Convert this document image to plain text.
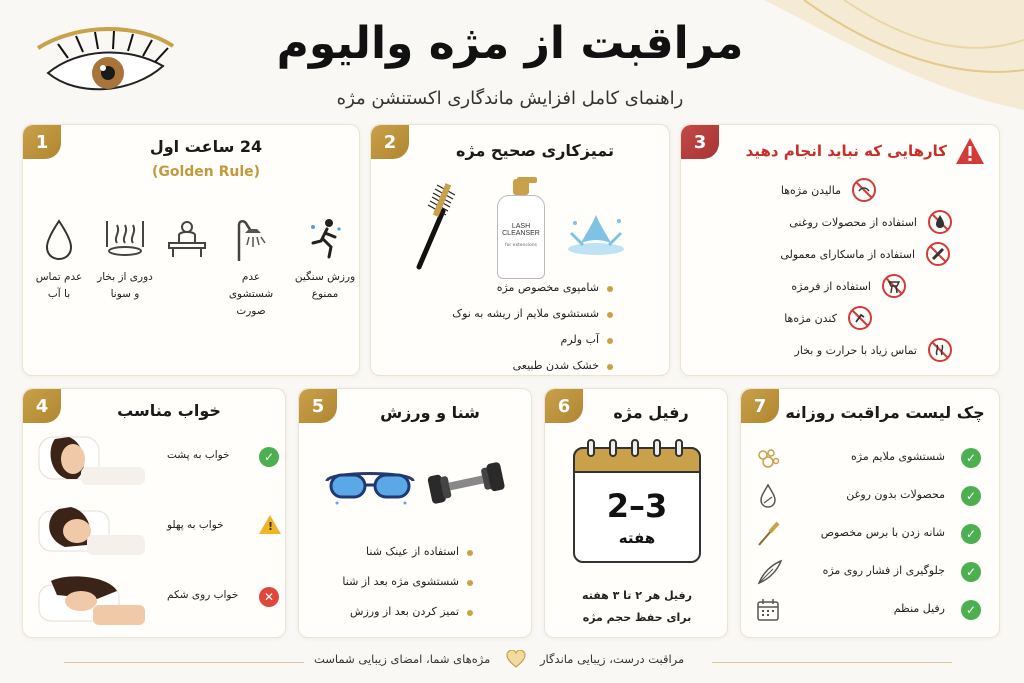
مراقبت از مژه والیوم
راهنمای کامل افزایش ماندگاری اکستنشن مژه
1	24 ساعت اول
(Golden Rule)
ورزش سنگین
ممنوع
عدم شستشوی
صورت
دوری از بخار
و سونا
عدم تماس
با آب
2	تمیزکاری صحیح مژه
LASH
CLEANSER
for extensions
شامپوی مخصوص مژه
شستشوی ملایم از ریشه به نوک
آب ولرم
خشک شدن طبیعی
3	کارهایی که نباید انجام دهید
مالیدن مژه‌ها
استفاده از محصولات روغنی
استفاده از ماسکارای معمولی
استفاده از فرمژه
کندن مژه‌ها
تماس زیاد با حرارت و بخار
4	خواب مناسب
خواب به پشت	✓
خواب به پهلو	!
خواب روی شکم	✕
5	شنا و ورزش
استفاده از عینک شنا
شستشوی مژه بعد از شنا
تمیز کردن بعد از ورزش
6	رفیل مژه
2–3
هفته
رفیل هر ۲ تا ۳ هفته
برای حفظ حجم مژه
7	چک لیست مراقبت روزانه
شستشوی ملایم مژه	✓
محصولات بدون روغن	✓
شانه زدن با برس مخصوص	✓
جلوگیری از فشار روی مژه	✓
رفیل منظم	✓
مژه‌های شما، امضای زیبایی شماست	مراقبت درست، زیبایی ماندگار
